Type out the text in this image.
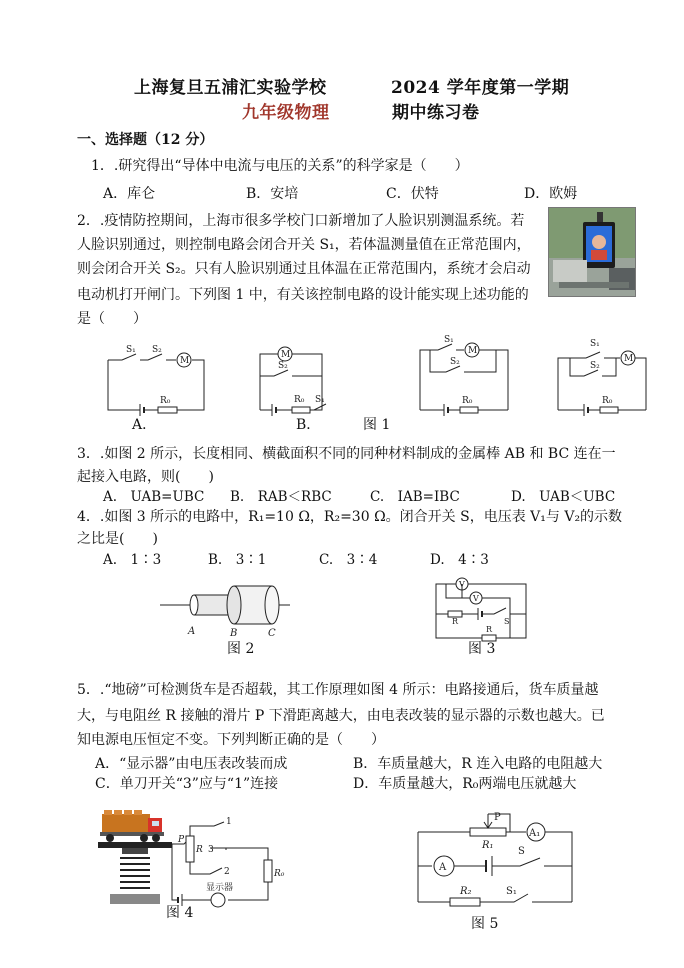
上海复旦五浦汇实验学校	2024 学年度第一学期
九年级物理	期中练习卷
一、选择题（12 分）
1．.研究得出“导体中电流与电压的关系”的科学家是（　　）
A．库仑	B．安培	C．伏特	D．欧姆
2．.疫情防控期间，上海市很多学校门口新增加了人脸识别测温系统。若
人脸识别通过，则控制电路会闭合开关 S₁，若体温测量值在正常范围内，
则会闭合开关 S₂。只有人脸识别通过且体温在正常范围内，系统才会启动
电动机打开闸门。下列图 1 中，有关该控制电路的设计能实现上述功能的
是（　　）
S₁ S₂
M
R₀
M
S₂
R₀ S₁
S₁
M
S₂
R₀
S₁
M
S₂
R₀
A．	B．	图 1
3．.如图 2 所示，长度相同、横截面积不同的同种材料制成的金属棒 AB 和 BC 连在一
起接入电路，则(　　)
A.　UAB=UBC B.　RAB＜RBC	C.　IAB=IBC	D.　UAB＜UBC
4．.如图 3 所示的电路中，R₁=10 Ω，R₂=30 Ω。闭合开关 S，电压表 V₁与 V₂的示数
之比是(　　)
A.　1∶3	B.　3∶1	C.　3∶4	D.　4∶3
A	B	C
图 2
V
V
R
R
S
图 3
5．.“地磅”可检测货车是否超载，其工作原理如图 4 所示：电路接通后，货车质量越
大，与电阻丝 R 接触的滑片 P 下滑距离越大，由电表改装的显示器的示数也越大。已
知电源电压恒定不变。下列判断正确的是（　　）
A．“显示器”由电压表改装而成	B．车质量越大，R 连入电路的电阻越大
C．单刀开关“3”应与“1”连接	D．车质量越大，R₀两端电压就越大
P
R
1
3
2	R₀
显示器
图 4
P
R₁
A₁
A
S
R₂	S₁
图 5
